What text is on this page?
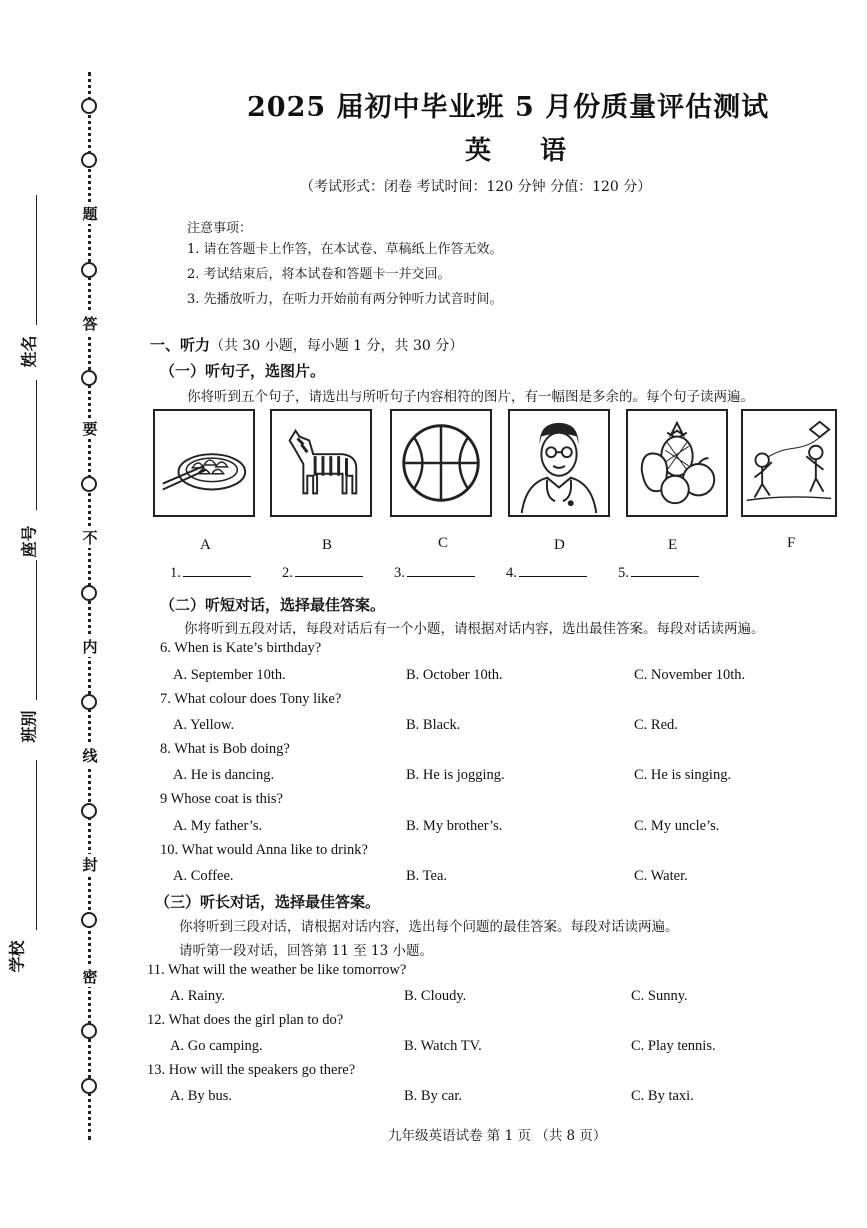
题
答
要
不
内
线
封
密
姓名
座号
班别
学校
2025 届初中毕业班 5 月份质量评估测试
英 语
（考试形式：闭卷 考试时间：120 分钟 分值：120 分）
注意事项：
1. 请在答题卡上作答，在本试卷、草稿纸上作答无效。
2. 考试结束后，将本试卷和答题卡一并交回。
3. 先播放听力，在听力开始前有两分钟听力试音时间。
一、听力（共 30 小题，每小题 1 分，共 30 分）
（一）听句子，选图片。
你将听到五个句子，请选出与所听句子内容相符的图片，有一幅图是多余的。每个句子读两遍。
A	B	C	D	E	F
1.	2.	3.	4.	5.
（二）听短对话，选择最佳答案。
你将听到五段对话，每段对话后有一个小题，请根据对话内容，选出最佳答案。每段对话读两遍。
6. When is Kate’s birthday?
A. September 10th.	B. October 10th.	C. November 10th.
7. What colour does Tony like?
A. Yellow.	B. Black.	C. Red.
8. What is Bob doing?
A. He is dancing.	B. He is jogging.	C. He is singing.
9 Whose coat is this?
A. My father’s.	B. My brother’s.	C. My uncle’s.
10. What would Anna like to drink?
A. Coffee.	B. Tea.	C. Water.
（三）听长对话，选择最佳答案。
你将听到三段对话，请根据对话内容，选出每个问题的最佳答案。每段对话读两遍。
请听第一段对话，回答第 11 至 13 小题。
11. What will the weather be like tomorrow?
A. Rainy.	B. Cloudy.	C. Sunny.
12. What does the girl plan to do?
A. Go camping.	B. Watch TV.	C. Play tennis.
13. How will the speakers go there?
A. By bus.	B. By car.	C. By taxi.
九年级英语试卷 第 1 页 （共 8 页）
